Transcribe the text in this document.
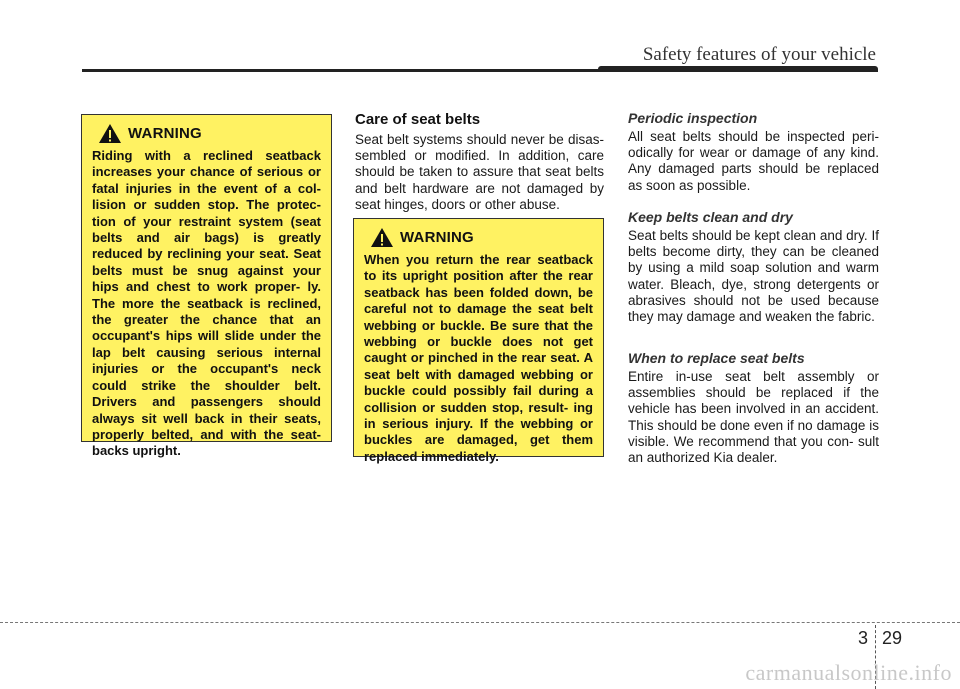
Safety features of your vehicle
WARNING
Riding with a reclined seatback increases your chance of serious or fatal injuries in the event of a col- lision or sudden stop. The protec- tion of your restraint system (seat belts and air bags) is greatly reduced by reclining your seat. Seat belts must be snug against your hips and chest to work proper- ly. The more the seatback is reclined, the greater the chance that an occupant's hips will slide under the lap belt causing serious internal injuries or the occupant's neck could strike the shoulder belt. Drivers and passengers should always sit well back in their seats, properly belted, and with the seat- backs upright.
Care of seat belts
Seat belt systems should never be disas- sembled or modified. In addition, care should be taken to assure that seat belts and belt hardware are not damaged by seat hinges, doors or other abuse.
WARNING
When you return the rear seatback to its upright position after the rear seatback has been folded down, be careful not to damage the seat belt webbing or buckle. Be sure that the webbing or buckle does not get caught or pinched in the rear seat. A seat belt with damaged webbing or buckle could possibly fail during a collision or sudden stop, result- ing in serious injury. If the webbing or buckles are damaged, get them replaced immediately.
Periodic inspection
All seat belts should be inspected peri- odically for wear or damage of any kind. Any damaged parts should be replaced as soon as possible.
Keep belts clean and dry
Seat belts should be kept clean and dry. If belts become dirty, they can be cleaned by using a mild soap solution and warm water. Bleach, dye, strong detergents or abrasives should not be used because they may damage and weaken the fabric.
When to replace seat belts
Entire in-use seat belt assembly or assemblies should be replaced if the vehicle has been involved in an accident. This should be done even if no damage is visible. We recommend that you con- sult an authorized Kia dealer.
3 29
carmanualsonline.info
